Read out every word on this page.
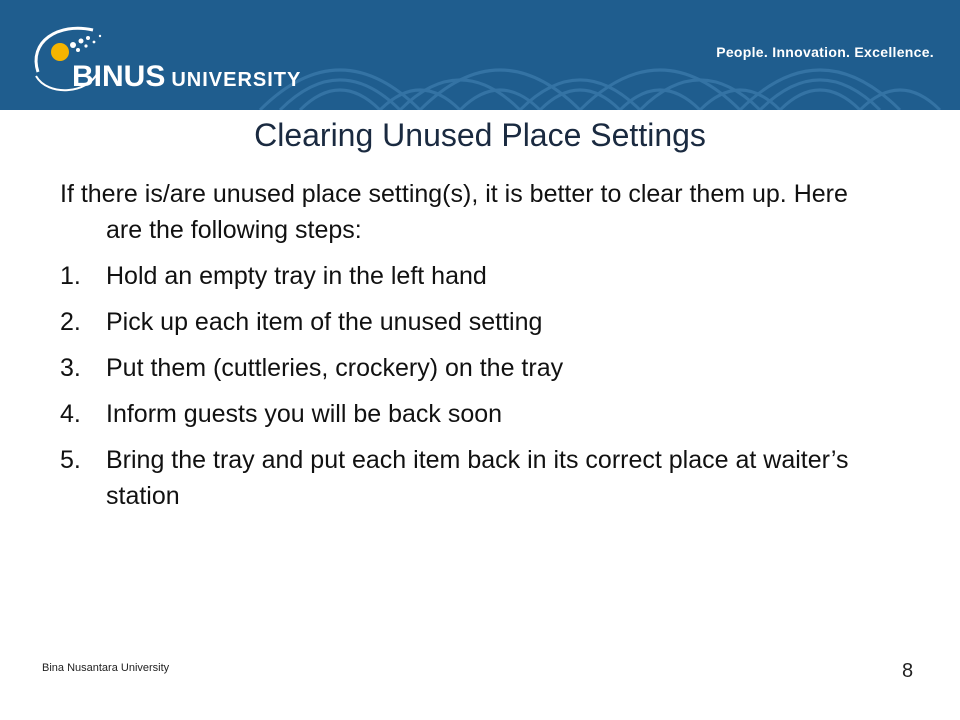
BINUS UNIVERSITY
People. Innovation. Excellence.
Clearing Unused Place Settings

If there is/are unused place setting(s), it is better to clear them up. Here are the following steps:

1.	Hold an empty tray in the left hand
2.	Pick up each item of the unused setting
3.	Put them (cuttleries, crockery) on the tray
4.	Inform guests you will be back soon
5.	Bring the tray and put each item back in its correct place at waiter’s station
Bina Nusantara University	8
